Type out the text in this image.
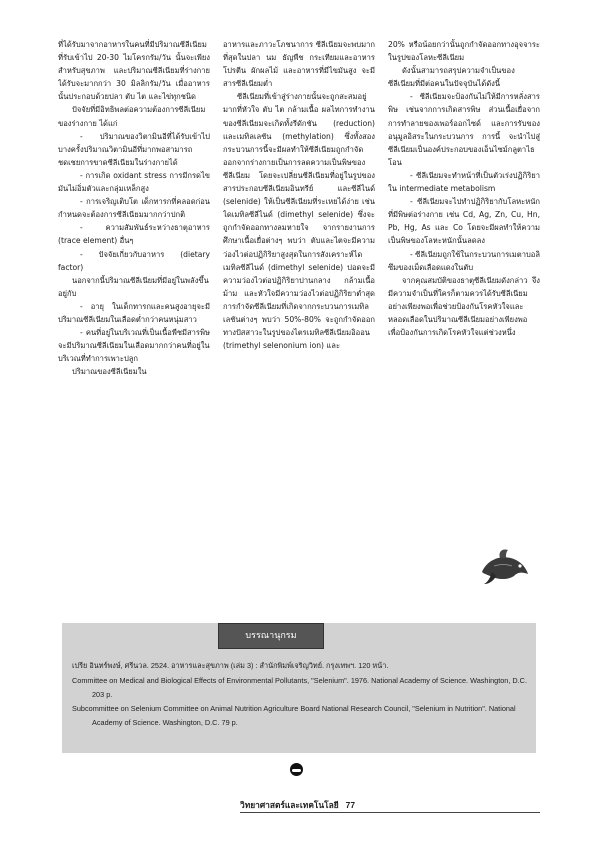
ที่ได้รับมาจากอาหารในคนที่มีปริมาณซีลีเนียมที่รับเข้าไป 20-30 ไมโครกรัม/วัน นั้นจะเพียงสำหรับสุขภาพ และปริมาณซีลีเนียมที่ร่างกายได้รับจะมากกว่า 30 มิลลิกรัม/วัน เมื่ออาหารนั้นประกอบด้วยปลา ตับ ไต และไข่ทุกชนิด

ปัจจัยที่มีอิทธิพลต่อความต้องการซีลีเนียมของร่างกาย ได้แก่

- ปริมาณของวิตามินอีที่ได้รับเข้าไป บางครั้งปริมาณวิตามินอีที่มากพอสามารถชดเชยการขาดซีลีเนียมในร่างกายได้

- การเกิด oxidant stress การมีกรดไขมันไม่อิ่มตัวและกลุ่มเหล็กสูง

- การเจริญเติบโต เด็กทารกที่คลอดก่อนกำหนดจะต้องการซีลีเนียมมากกว่าปกติ

- ความสัมพันธ์ระหว่างธาตุอาหาร (trace element) อื่นๆ

- ปัจจัยเกี่ยวกับอาหาร (dietary factor)

นอกจากนี้ปริมาณซีลีเนียมที่มีอยู่ในพลังขึ้นอยู่กับ

- อายุ ในเด็กทารกและคนสูงอายุจะมีปริมาณซีลีเนียมในเลือดต่ำกว่าคนหนุ่มสาว

- คนที่อยู่ในบริเวณที่เป็นเนื้อพืชมีสารพิษ จะมีปริมาณซีลีเนียมในเลือดมากกว่าคนที่อยู่ในบริเวณที่ทำการเพาะปลูก

ปริมาณของซีลีเนียมใน

อาหารและภาวะโภชนาการ ซีลีเนียมจะพบมากที่สุดในปลา นม ธัญพืช กระเทียมและอาหารโปรตีน ผักผลไม้ และอาหารที่มีไขมันสูง จะมีสารซีลีเนียมต่ำ

ซีลีเนียมที่เข้าสู่ร่างกายนั้นจะถูกสะสมอยู่มากที่หัวใจ ตับ ไต กล้ามเนื้อ ผลไทการทำงานของซีลีเนียมจะเกิดทั้งรีดักชัน (reduction) และเมทิลเลชัน (methylation) ซึ่งทั้งสองกระบวนการนี้จะมีผลทำให้ซีลีเนียมถูกกำจัดออกจากร่างกายเป็นการลดความเป็นพิษของซีลีเนียม โดยจะเปลี่ยนซีลีเนียมที่อยู่ในรูปของสารประกอบซีลีเนียมอินทรีย์ และซีลีไนด์ (selenide) ให้เป็นซีลีเนียมที่ระเหยได้ง่าย เช่นไดเมทิลซีลีไนด์ (dimethyl selenide) ซึ่งจะถูกกำจัดออกทางลมหายใจ จากรายงานการศึกษาเนื้อเยื่อต่างๆ พบว่า ตับและไตจะมีความว่องไวต่อปฏิกิริยาสูงสุดในการสังเคราะห์ไดเมทิลซีลีไนด์ (dimethyl selenide) ปอดจะมีความว่องไวต่อปฏิกิริยาปานกลาง กล้ามเนื้อ ม้าม และหัวใจมีความว่องไวต่อปฏิกิริยาต่ำสุด การกำจัดซีลีเนียมที่เกิดจากกระบวนการเมทิลเลชันต่างๆ พบว่า 50%-80% จะถูกกำจัดออกทางปัสสาวะในรูปของไตรเมทิลซีลีเนียมอิออน (trimethyl selenonium ion) และ

20% หรือน้อยกว่านั้นถูกกำจัดออกทางอุจจาระในรูปของโลหะซีลีเนียม

ดังนั้นสามารถสรุปความจำเป็นของซีลีเนียมที่มีต่อคนในปัจจุบันได้ดังนี้

- ซีลีเนียมจะป้องกันไม่ให้มีการหลั่งสารพิษ เช่นจากการเกิดสารพิษ ส่วนเนื้อเยื่อจากการทำลายของเพอร์ออกไซด์ และการรับของอนุมูลอิสระในกระบวนการ การนี้ จะนำไปสู่ซีลีเนียมเป็นองค์ประกอบของเอ็นไซม์กลูตาไธโอน

- ซีลีเนียมจะทำหน้าที่เป็นตัวเร่งปฏิกิริยาใน intermediate metabolism

- ซีลีเนียมจะไปทำปฏิกิริยากับโลหะหนักที่มีพิษต่อร่างกาย เช่น Cd, Ag, Zn, Cu, Hn, Pb, Hg, As และ Co โดยจะมีผลทำให้ความเป็นพิษของโลหะหนักนั้นลดลง

- ซีลีเนียมถูกใช้ในกระบวนการเมตาบอลิซึมของเม็ดเลือดแดงในตับ

จากคุณสมบัติของธาตุซีลีเนียมดังกล่าว จึงมีความจำเป็นที่ใครก็ตามควรได้รับซีลีเนียมอย่างเพียงพอเพื่อช่วยป้องกันโรคหัวใจและหลอดเลือดในปริมาณซีลีเนียมอย่างเพียงพอ เพื่อป้องกันการเกิดโรคหัวใจแต่ช่วงหนึ่ง

บรรณานุกรม
เปรีย อินทร์พงษ์, ศรีนวล. 2524. อาหารและสุขภาพ (เล่ม 3) : สำนักพิมพ์เจริญวิทย์. กรุงเทพฯ. 120 หน้า.
Committee on Medical and Biological Effects of Environmental Pollutants, "Selenium". 1976. National Academy of Science. Washington, D.C. 203 p.
Subcommittee on Selenium Committee on Animal Nutrition Agriculture Board National Research Council, "Selenium in Nutrition". National Academy of Science. Washington, D.C. 79 p.
วิทยาศาสตร์และเทคโนโลยี 77
